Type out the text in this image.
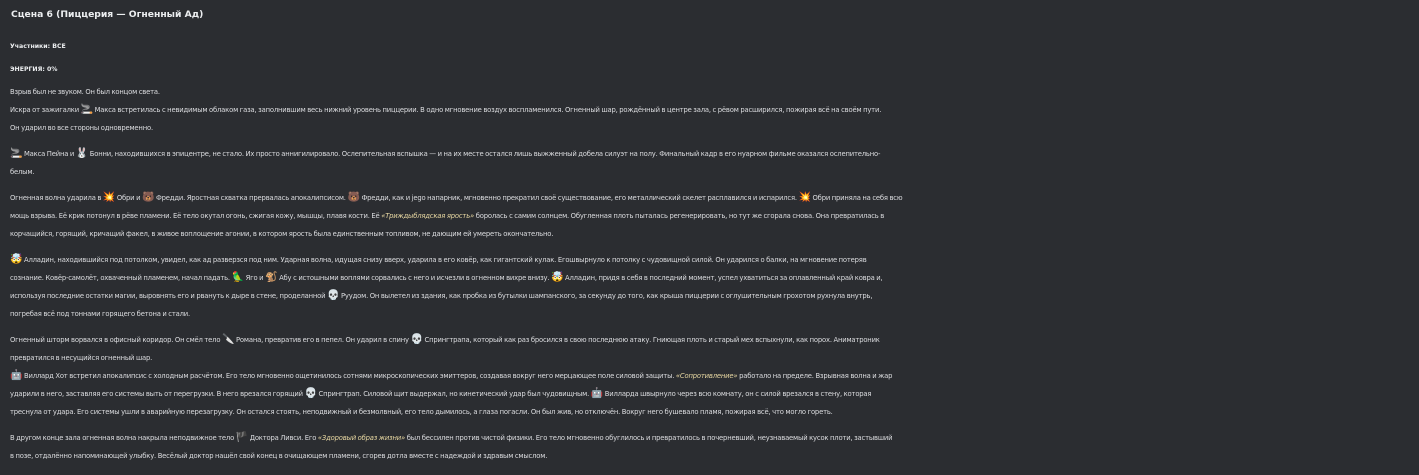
Сцена 6 (Пиццерия — Огненный Ад)
Участники: ВСЕ
ЭНЕРГИЯ: 0%
Взрыв был не звуком. Он был концом света.
Искра от зажигалки 🚬 Макса встретилась с невидимым облаком газа, заполнившим весь нижний уровень пиццерии. В одно мгновение воздух воспламенился. Огненный шар, рождённый в центре зала, с рёвом расширился, пожирая всё на своём пути.
Он ударил во все стороны одновременно.
🚬 Макса Пейна и 🐰 Бонни, находившихся в эпицентре, не стало. Их просто аннигилировало. Ослепительная вспышка — и на их месте остался лишь выжженный добела силуэт на полу. Финальный кадр в его нуарном фильме оказался ослепительно-
белым.
Огненная волна ударила в 💥 Обри и 🐻 Фредди. Яростная схватка прервалась апокалипсисом. 🐻 Фредди, как и jego напарник, мгновенно прекратил своё существование, его металлический скелет расплавился и испарился. 💥 Обри приняла на себя всю
мощь взрыва. Её крик потонул в рёве пламени. Её тело окутал огонь, сжигая кожу, мышцы, плавя кости. Её «Триждыблядская ярость» боролась с самим солнцем. Обугленная плоть пыталась регенерировать, но тут же сгорала снова. Она превратилась в
корчащийся, горящий, кричащий факел, в живое воплощение агонии, в котором ярость была единственным топливом, не дающим ей умереть окончательно.
🤯 Алладин, находившийся под потолком, увидел, как ад разверзся под ним. Ударная волна, идущая снизу вверх, ударила в его ковёр, как гигантский кулак. Егошвырнуло к потолку с чудовищной силой. Он ударился о балки, на мгновение потеряв
сознание. Ковёр-самолёт, охваченный пламенем, начал падать. 🦜 Яго и 🐒 Абу с истошными воплями сорвались с него и исчезли в огненном вихре внизу. 🤯 Алладин, придя в себя в последний момент, успел ухватиться за оплавленный край ковра и,
используя последние остатки магии, выровнять его и рвануть к дыре в стене, проделанной 💀 Руудом. Он вылетел из здания, как пробка из бутылки шампанского, за секунду до того, как крыша пиццерии с оглушительным грохотом рухнула внутрь,
погребая всё под тоннами горящего бетона и стали.
Огненный шторм ворвался в офисный коридор. Он смёл тело 🔪 Романа, превратив его в пепел. Он ударил в спину 💀 Спрингтрапа, который как раз бросился в свою последнюю атаку. Гниющая плоть и старый мех вспыхнули, как порох. Аниматроник
превратился в несущийся огненный шар.
🤖 Виллард Хот встретил апокалипсис с холодным расчётом. Его тело мгновенно ощетинилось сотнями микроскопических эмиттеров, создавая вокруг него мерцающее поле силовой защиты. «Сопротивление» работало на пределе. Взрывная волна и жар
ударили в него, заставляя его системы выть от перегрузки. В него врезался горящий 💀 Спрингтрап. Силовой щит выдержал, но кинетический удар был чудовищным. 🤖 Вилларда швырнуло через всю комнату, он с силой врезался в стену, которая
треснула от удара. Его системы ушли в аварийную перезагрузку. Он остался стоять, неподвижный и безмолвный, его тело дымилось, а глаза погасли. Он был жив, но отключён. Вокруг него бушевало пламя, пожирая всё, что могло гореть.
В другом конце зала огненная волна накрыла неподвижное тело 🏴 Доктора Ливси. Его «Здоровый образ жизни» был бессилен против чистой физики. Его тело мгновенно обуглилось и превратилось в почерневший, неузнаваемый кусок плоти, застывший
в позе, отдалённо напоминающей улыбку. Весёлый доктор нашёл свой конец в очищающем пламени, сгорев дотла вместе с надеждой и здравым смыслом.
